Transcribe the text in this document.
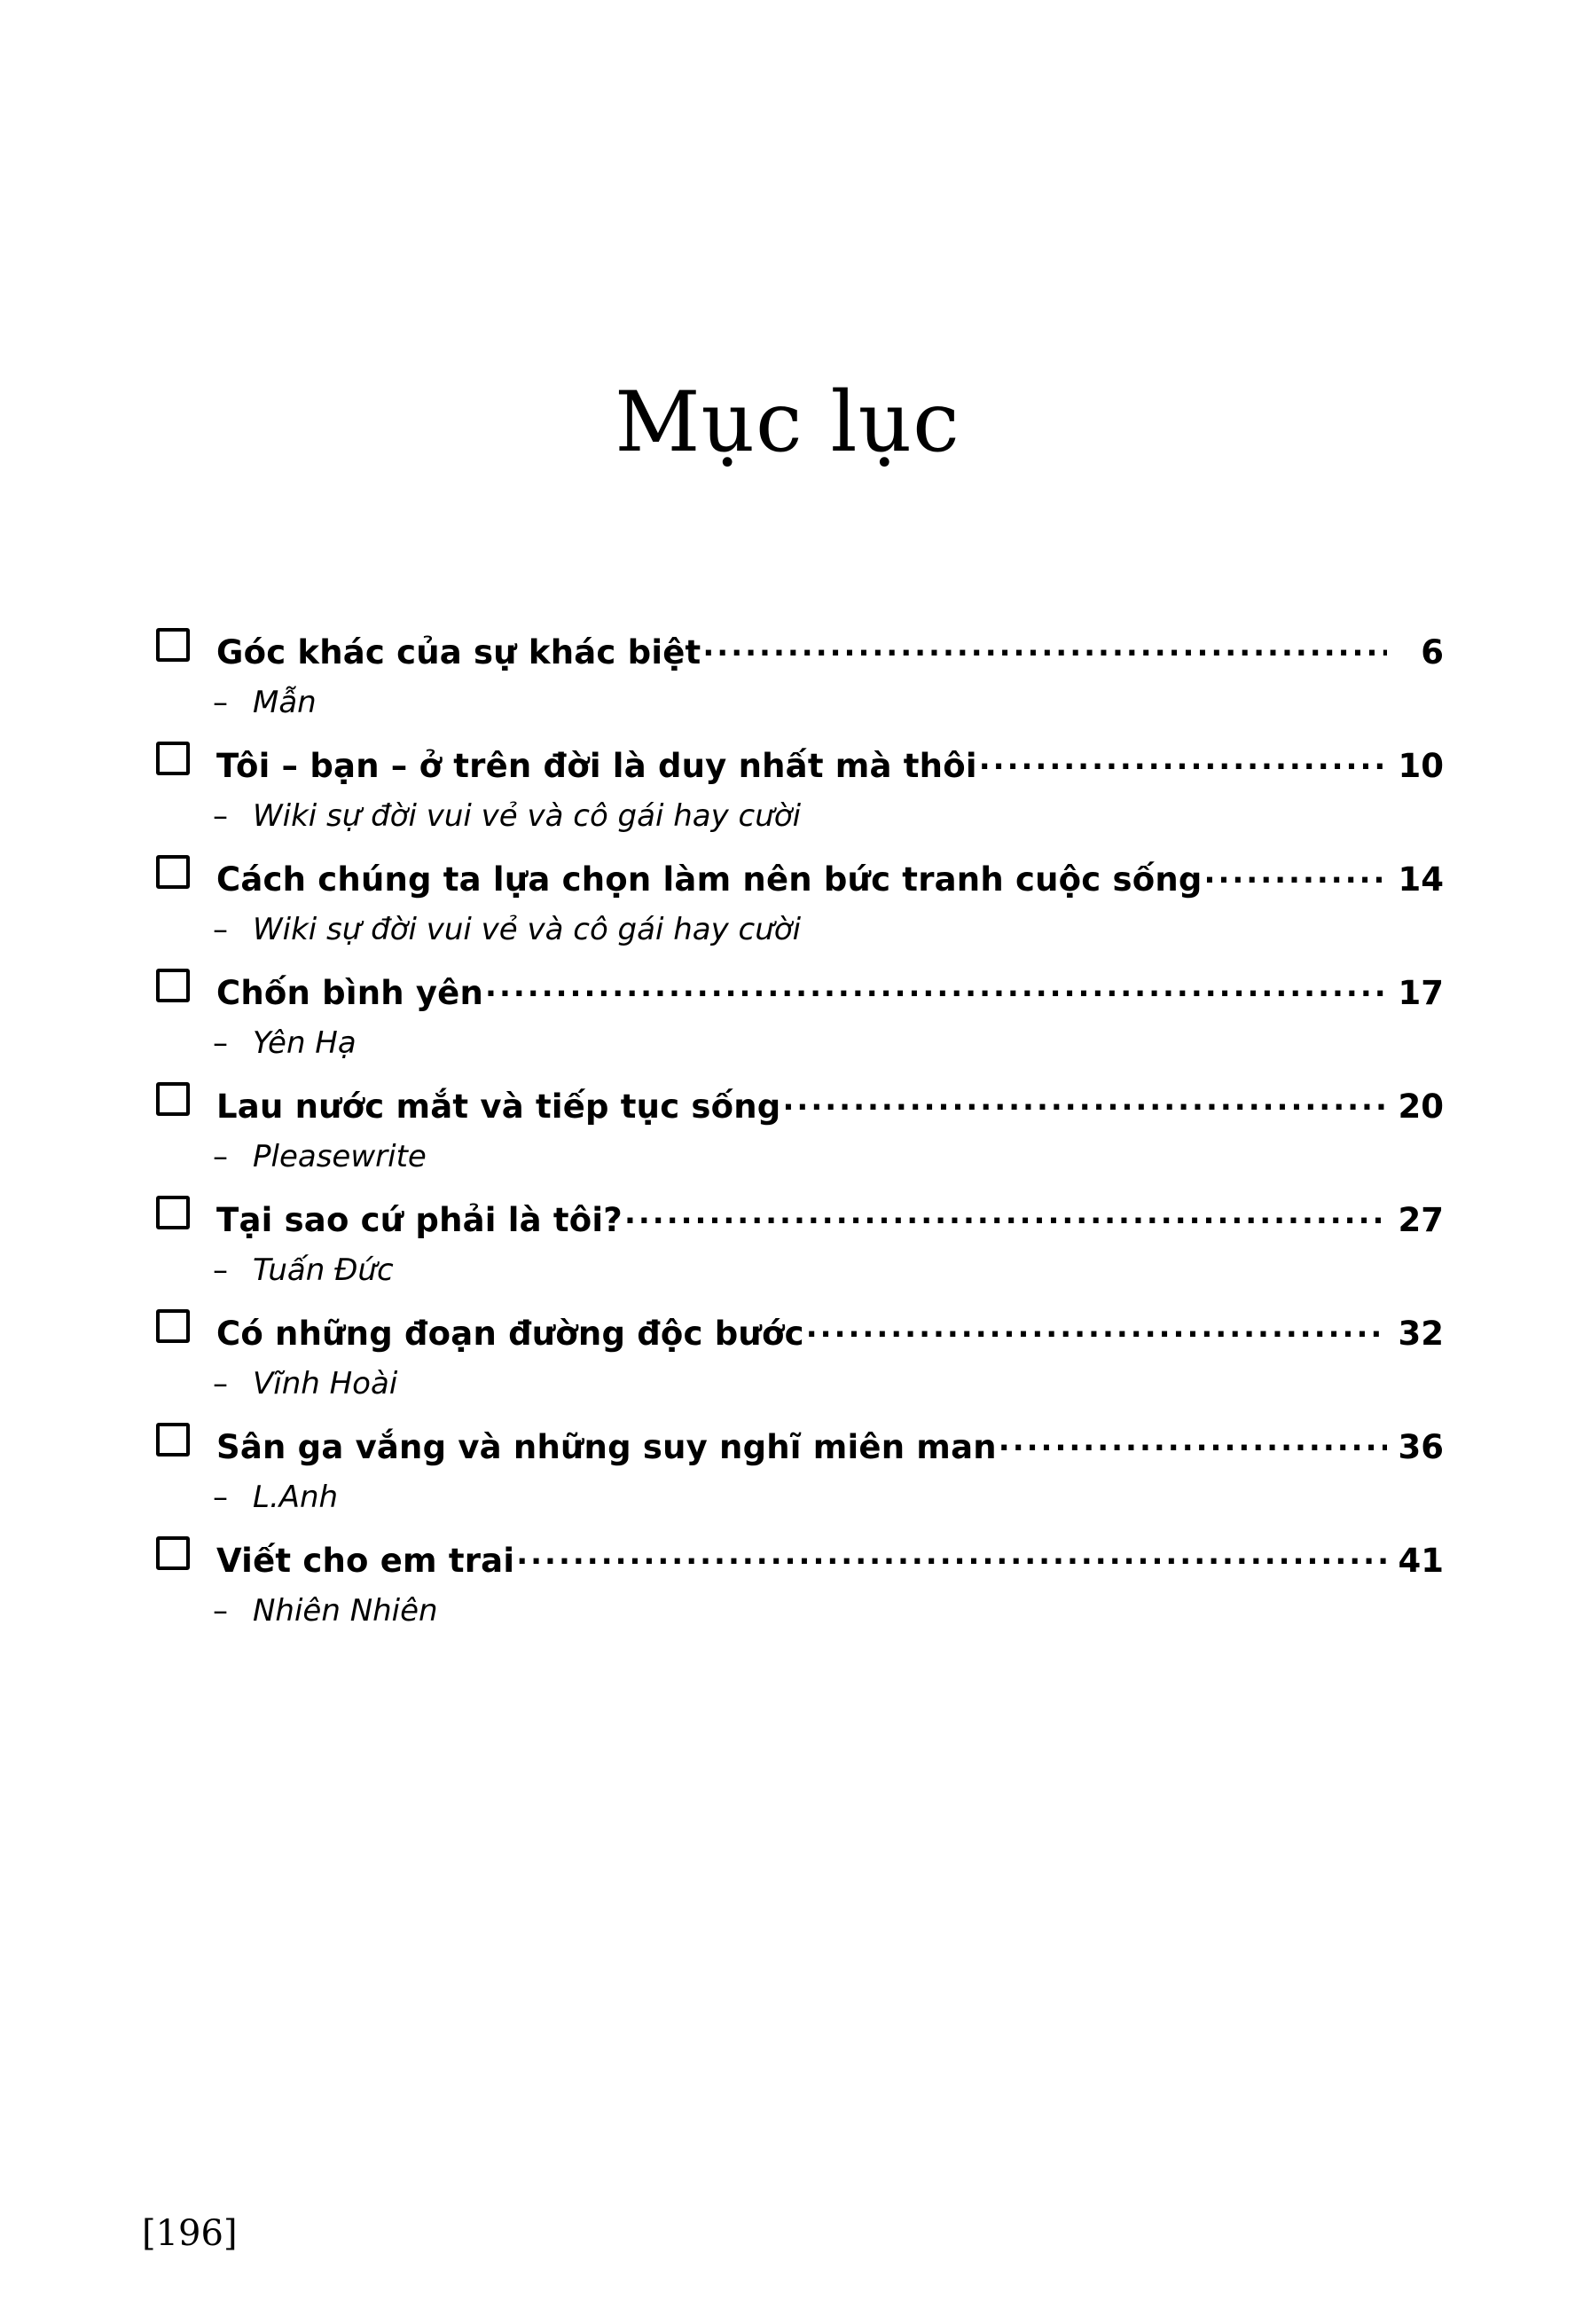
Mục lục
Góc khác của sự khác biệt .....	6
– Mẫn
Tôi – bạn – ở trên đời là duy nhất mà thôi .....	10
– Wiki sự đời vui vẻ và cô gái hay cười
Cách chúng ta lựa chọn làm nên bức tranh cuộc sống .....	14
– Wiki sự đời vui vẻ và cô gái hay cười
Chốn bình yên .....	17
– Yên Hạ
Lau nước mắt và tiếp tục sống .....	20
– Pleasewrite
Tại sao cứ phải là tôi? .....	27
– Tuấn Đức
Có những đoạn đường độc bước .....	32
– Vĩnh Hoài
Sân ga vắng và những suy nghĩ miên man .....	36
– L.Anh
Viết cho em trai .....	41
– Nhiên Nhiên
[196]
